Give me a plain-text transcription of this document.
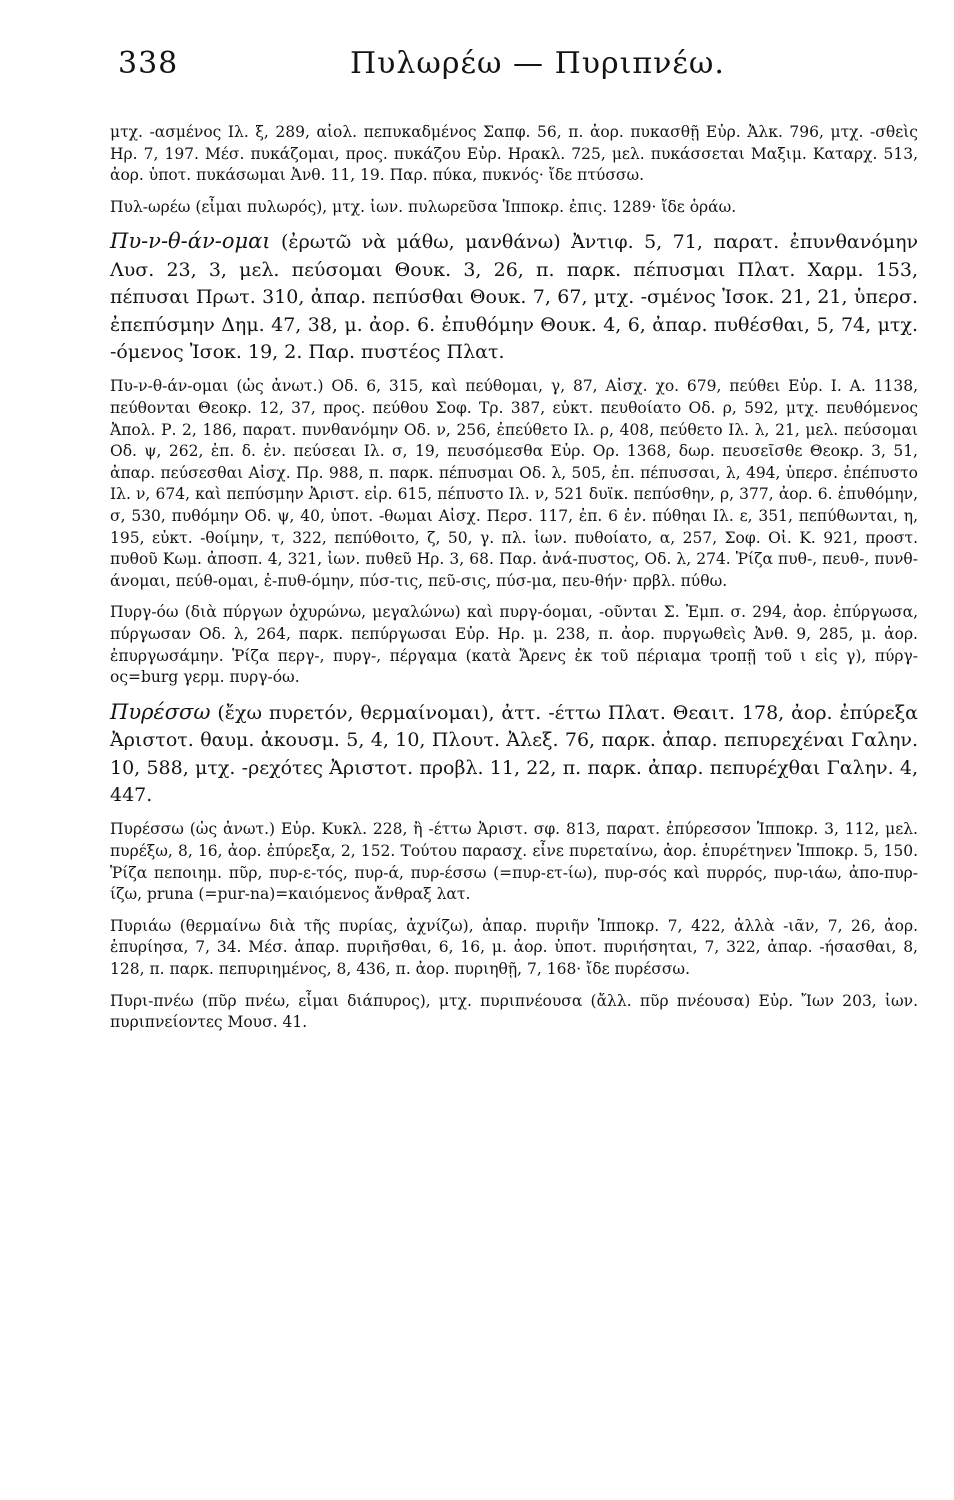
338	Πυλωρέω — Πυριπνέω.

μτχ. -ασμένος Ιλ. ξ, 289, αἰολ. πεπυκαδμένος Σαπφ. 56, π. ἀορ. πυκασθῇ Εὐρ. Ἀλκ. 796, μτχ. -σθεὶς Ηρ. 7, 197. Μέσ. πυκάζομαι, προς. πυκάζου Εὐρ. Ηρακλ. 725, μελ. πυκάσσεται Μαξιμ. Καταρχ. 513, ἀορ. ὑποτ. πυκάσωμαι Ἀνθ. 11, 19. Παρ. πύκα, πυκνός· ἴδε πτύσσω.

Πυλ-ωρέω (εἶμαι πυλωρός), μτχ. ἰων. πυλωρεῦσα Ἱπποκρ. ἐπις. 1289· ἴδε ὁράω.

Πυ-ν-θ-άν-ομαι (ἐρωτῶ νὰ μάθω, μανθάνω) Ἀντιφ. 5, 71, παρατ. ἐπυνθανόμην Λυσ. 23, 3, μελ. πεύσομαι Θουκ. 3, 26, π. παρκ. πέπυσμαι Πλατ. Χαρμ. 153, πέπυσαι Πρωτ. 310, ἀπαρ. πεπύσθαι Θουκ. 7, 67, μτχ. -σμένος Ἰσοκ. 21, 21, ὑπερσ. ἐπεπύσμην Δημ. 47, 38, μ. ἀορ. 6. ἐπυθόμην Θουκ. 4, 6, ἀπαρ. πυθέσθαι, 5, 74, μτχ. -όμενος Ἰσοκ. 19, 2. Παρ. πυστέος Πλατ.

Πυ-ν-θ-άν-ομαι (ὡς ἀνωτ.) Οδ. 6, 315, καὶ πεύθομαι, γ, 87, Αἰσχ. χο. 679, πεύθει Εὐρ. Ι. Α. 1138, πεύθονται Θεοκρ. 12, 37, προς. πεύθου Σοφ. Τρ. 387, εὐκτ. πευθοίατο Οδ. ρ, 592, μτχ. πευθόμενος Ἀπολ. Ρ. 2, 186, παρατ. πυνθανόμην Οδ. ν, 256, ἐπεύθετο Ιλ. ρ, 408, πεύθετο Ιλ. λ, 21, μελ. πεύσομαι Οδ. ψ, 262, ἐπ. δ. ἐν. πεύσεαι Ιλ. σ, 19, πευσόμεσθα Εὐρ. Ορ. 1368, δωρ. πευσεῖσθε Θεοκρ. 3, 51, ἀπαρ. πεύσεσθαι Αἰσχ. Πρ. 988, π. παρκ. πέπυσμαι Οδ. λ, 505, ἐπ. πέπυσσαι, λ, 494, ὑπερσ. ἐπέπυστο Ιλ. ν, 674, καὶ πεπύσμην Ἀριστ. εἰρ. 615, πέπυστο Ιλ. ν, 521 δυϊκ. πεπύσθην, ρ, 377, ἀορ. 6. ἐπυθόμην, σ, 530, πυθόμην Οδ. ψ, 40, ὑποτ. -θωμαι Αἰσχ. Περσ. 117, ἐπ. 6 ἐν. πύθηαι Ιλ. ε, 351, πεπύθωνται, η, 195, εὐκτ. -θοίμην, τ, 322, πεπύθοιτο, ζ, 50, γ. πλ. ἰων. πυθοίατο, α, 257, Σοφ. Οἰ. Κ. 921, προστ. πυθοῦ Κωμ. ἀποσπ. 4, 321, ἰων. πυθεῦ Ηρ. 3, 68. Παρ. ἀνά-πυστος, Οδ. λ, 274. Ῥίζα πυθ-, πευθ-, πυνθ-άνομαι, πεύθ-ομαι, ἐ-πυθ-όμην, πύσ-τις, πεῦ-σις, πύσ-μα, πευ-θήν· πρβλ. πύθω.

Πυργ-όω (διὰ πύργων ὀχυρώνω, μεγαλώνω) καὶ πυργ-όομαι, -οῦνται Σ. Ἐμπ. σ. 294, ἀορ. ἐπύργωσα, πύργωσαν Οδ. λ, 264, παρκ. πεπύργωσαι Εὐρ. Ηρ. μ. 238, π. ἀορ. πυργωθεὶς Ἀνθ. 9, 285, μ. ἀορ. ἐπυργωσάμην. Ῥίζα περγ-, πυργ-, πέργαμα (κατὰ Ἄρενς ἐκ τοῦ πέριαμα τροπῇ τοῦ ι εἰς γ), πύργ-ος=burg γερμ. πυργ-όω.

Πυρέσσω (ἔχω πυρετόν, θερμαίνομαι), ἀττ. -έττω Πλατ. Θεαιτ. 178, ἀορ. ἐπύρεξα Ἀριστοτ. θαυμ. ἀκουσμ. 5, 4, 10, Πλουτ. Ἀλεξ. 76, παρκ. ἀπαρ. πεπυρεχέναι Γαλην. 10, 588, μτχ. -ρεχότες Ἀριστοτ. προβλ. 11, 22, π. παρκ. ἀπαρ. πεπυρέχθαι Γαλην. 4, 447.

Πυρέσσω (ὡς ἀνωτ.) Εὐρ. Κυκλ. 228, ἢ -έττω Ἀριστ. σφ. 813, παρατ. ἐπύρεσσον Ἱπποκρ. 3, 112, μελ. πυρέξω, 8, 16, ἀορ. ἐπύρεξα, 2, 152. Τούτου παρασχ. εἶνε πυρεταίνω, ἀορ. ἐπυρέτηνεν Ἱπποκρ. 5, 150. Ῥίζα πεποιημ. πῦρ, πυρ-ε-τός, πυρ-ά, πυρ-έσσω (=πυρ-ετ-ίω), πυρ-σός καὶ πυρρός, πυρ-ιάω, ἀπο-πυρ-ίζω, pruna (=pur-na)=καιόμενος ἄνθραξ λατ.

Πυριάω (θερμαίνω διὰ τῆς πυρίας, ἀχνίζω), ἀπαρ. πυριῆν Ἱπποκρ. 7, 422, ἀλλὰ -ιᾶν, 7, 26, ἀορ. ἐπυρίησα, 7, 34. Μέσ. ἀπαρ. πυριῆσθαι, 6, 16, μ. ἀορ. ὑποτ. πυριήσηται, 7, 322, ἀπαρ. -ήσασθαι, 8, 128, π. παρκ. πεπυριημένος, 8, 436, π. ἀορ. πυριηθῇ, 7, 168· ἴδε πυρέσσω.

Πυρι-πνέω (πῦρ πνέω, εἶμαι διάπυρος), μτχ. πυριπνέουσα (ἄλλ. πῦρ πνέουσα) Εὐρ. Ἴων 203, ἰων. πυριπνείοντες Μουσ. 41.
